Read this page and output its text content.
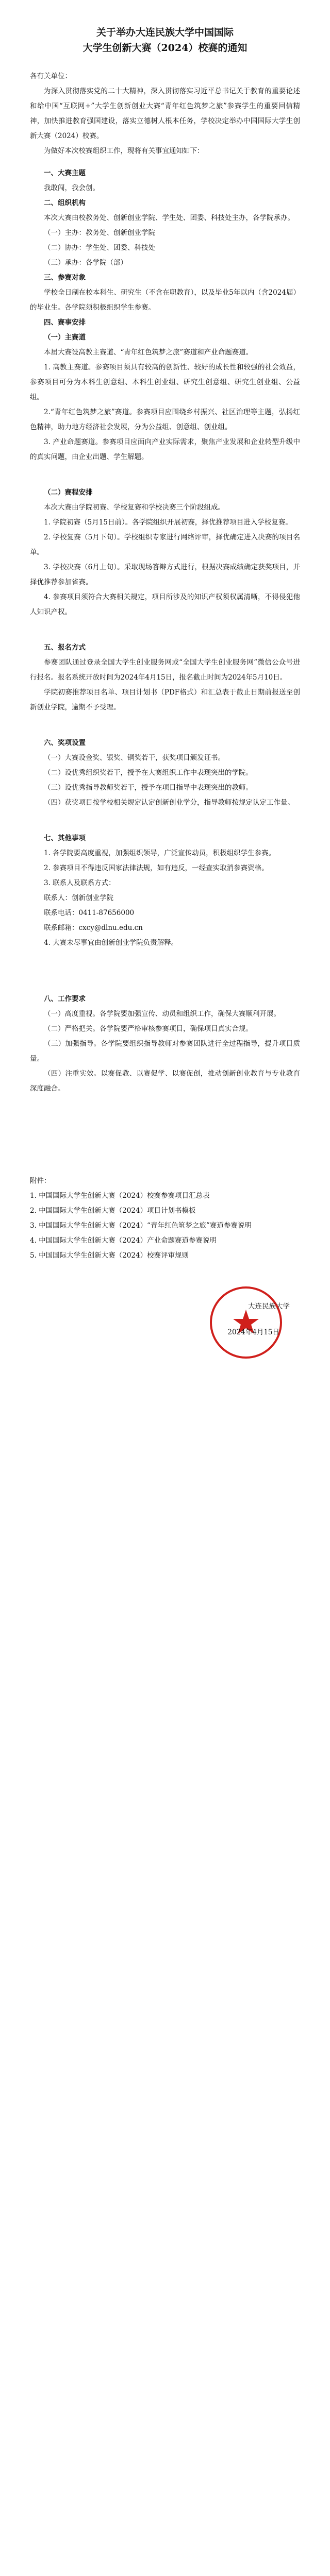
关于举办大连民族大学中国国际
大学生创新大赛（2024）校赛的通知

各有关单位：

为深入贯彻落实党的二十大精神，深入贯彻落实习近平总书记关于教育的重要论述和给中国“互联网+”大学生创新创业大赛“青年红色筑梦之旅”参赛学生的重要回信精神，加快推进教育强国建设，落实立德树人根本任务，学校决定举办中国国际大学生创新大赛（2024）校赛。

为做好本次校赛组织工作，现将有关事宜通知如下：

一、大赛主题

我敢闯，我会创。

二、组织机构

本次大赛由校教务处、创新创业学院、学生处、团委、科技处主办，各学院承办。

（一）主办：教务处、创新创业学院

（二）协办：学生处、团委、科技处

（三）承办：各学院（部）

三、参赛对象

学校全日制在校本科生、研究生（不含在职教育），以及毕业5年以内（含2024届）的毕业生。各学院须积极组织学生参赛。

四、赛事安排

（一）主赛道

本届大赛设高教主赛道、“青年红色筑梦之旅”赛道和产业命题赛道。

1. 高教主赛道。参赛项目须具有较高的创新性、较好的成长性和较强的社会效益，参赛项目可分为本科生创意组、本科生创业组、研究生创意组、研究生创业组、公益组。

2.“青年红色筑梦之旅”赛道。参赛项目应围绕乡村振兴、社区治理等主题，弘扬红色精神，助力地方经济社会发展，分为公益组、创意组、创业组。

3. 产业命题赛道。参赛项目应面向产业实际需求，聚焦产业发展和企业转型升级中的真实问题，由企业出题、学生解题。

（二）赛程安排

本次大赛由学院初赛、学校复赛和学校决赛三个阶段组成。

1. 学院初赛（5月15日前）。各学院组织开展初赛，择优推荐项目进入学校复赛。

2. 学校复赛（5月下旬）。学校组织专家进行网络评审，择优确定进入决赛的项目名单。

3. 学校决赛（6月上旬）。采取现场答辩方式进行，根据决赛成绩确定获奖项目，并择优推荐参加省赛。

4. 参赛项目须符合大赛相关规定，项目所涉及的知识产权须权属清晰，不得侵犯他人知识产权。

五、报名方式

参赛团队通过登录全国大学生创业服务网或“全国大学生创业服务网”微信公众号进行报名。报名系统开放时间为2024年4月15日，报名截止时间为2024年5月10日。

学院初赛推荐项目名单、项目计划书（PDF格式）和汇总表于截止日期前报送至创新创业学院，逾期不予受理。

六、奖项设置

（一）大赛设金奖、银奖、铜奖若干，获奖项目颁发证书。

（二）设优秀组织奖若干，授予在大赛组织工作中表现突出的学院。

（三）设优秀指导教师奖若干，授予在项目指导中表现突出的教师。

（四）获奖项目按学校相关规定认定创新创业学分，指导教师按规定认定工作量。

七、其他事项

1. 各学院要高度重视，加强组织领导，广泛宣传动员，积极组织学生参赛。

2. 参赛项目不得违反国家法律法规，如有违反，一经查实取消参赛资格。

3. 联系人及联系方式：

联系人：创新创业学院

联系电话：0411-87656000

联系邮箱：cxcy@dlnu.edu.cn

4. 大赛未尽事宜由创新创业学院负责解释。

八、工作要求

（一）高度重视。各学院要加强宣传、动员和组织工作，确保大赛顺利开展。

（二）严格把关。各学院要严格审核参赛项目，确保项目真实合规。

（三）加强指导。各学院要组织指导教师对参赛团队进行全过程指导，提升项目质量。

（四）注重实效。以赛促教、以赛促学、以赛促创，推动创新创业教育与专业教育深度融合。

附件：

1. 中国国际大学生创新大赛（2024）校赛参赛项目汇总表

2. 中国国际大学生创新大赛（2024）项目计划书模板

3. 中国国际大学生创新大赛（2024）“青年红色筑梦之旅”赛道参赛说明

4. 中国国际大学生创新大赛（2024）产业命题赛道参赛说明

5. 中国国际大学生创新大赛（2024）校赛评审规则

大连民族大学
2024年4月15日
